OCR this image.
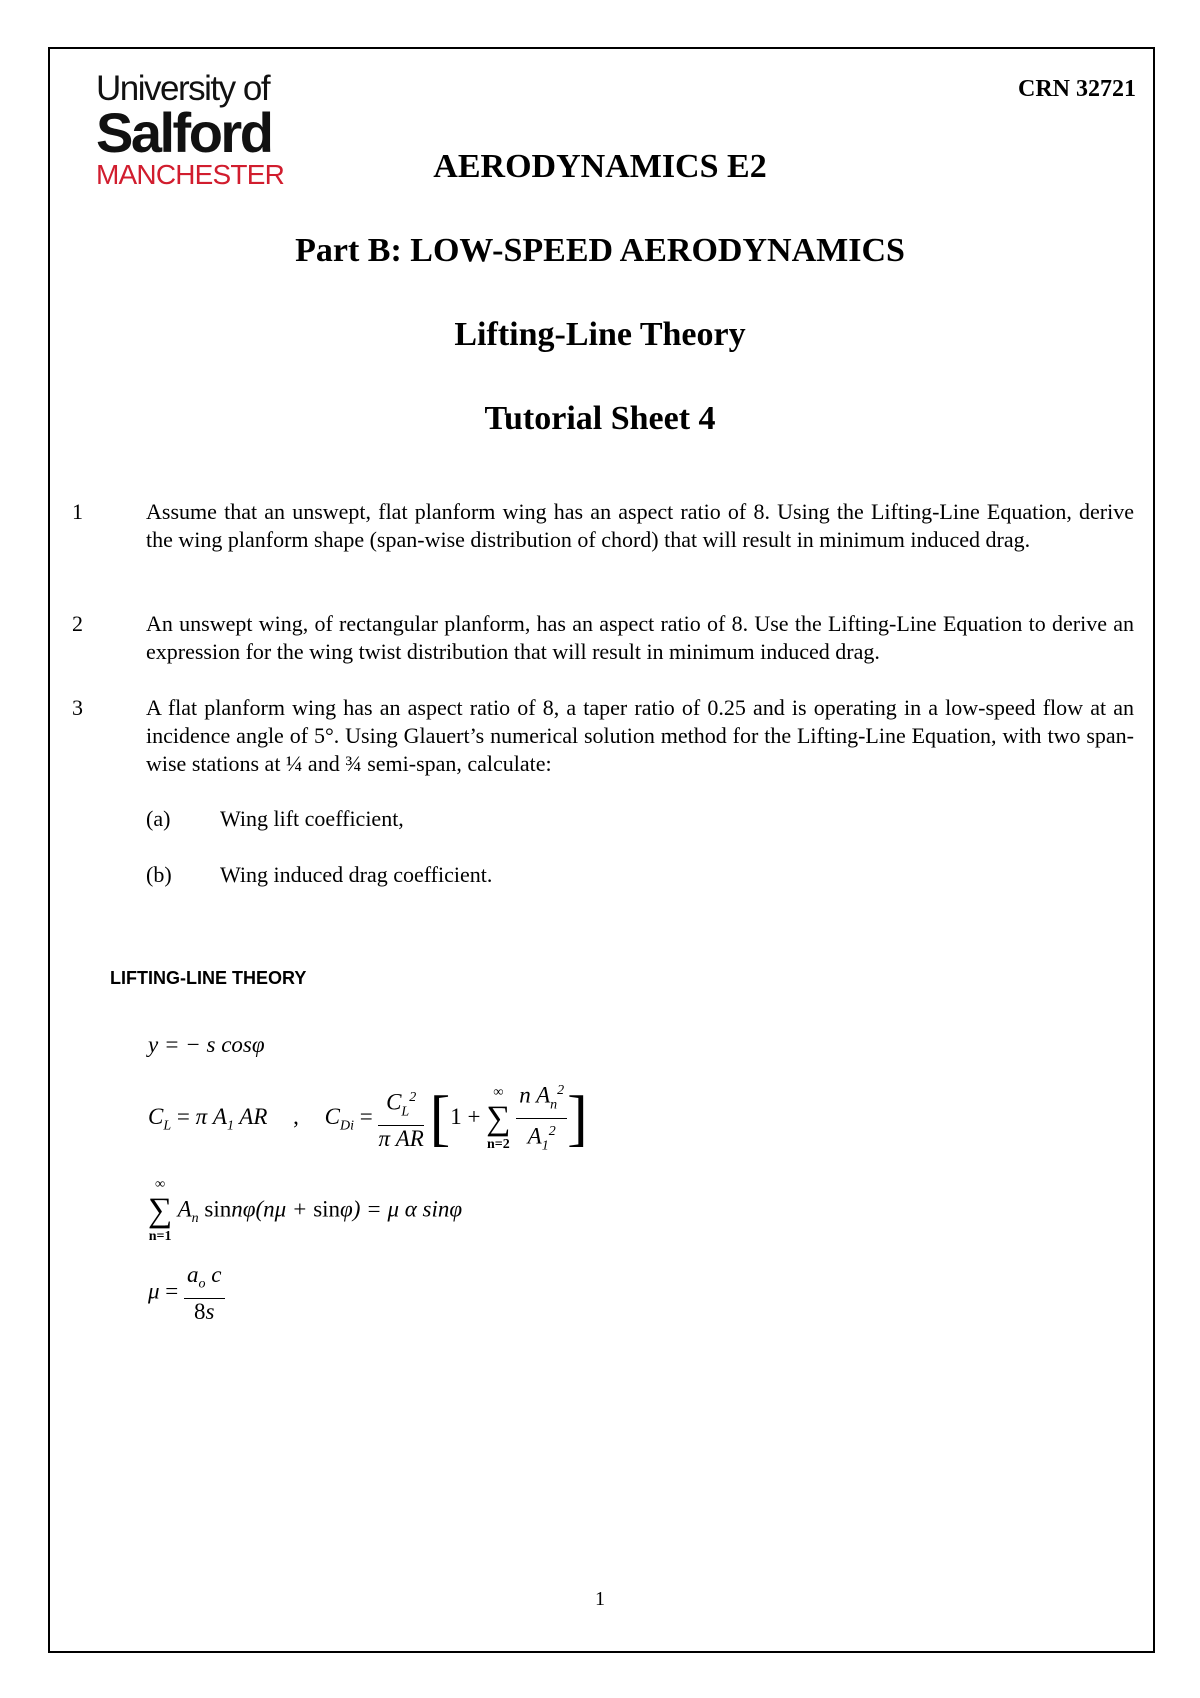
University of
Salford
MANCHESTER
CRN 32721
AERODYNAMICS E2
Part B: LOW-SPEED AERODYNAMICS
Lifting-Line Theory
Tutorial Sheet 4
1	Assume that an unswept, flat planform wing has an aspect ratio of 8. Using the Lifting-Line Equation, derive the wing planform shape (span-wise distribution of chord) that will result in minimum induced drag.
2	An unswept wing, of rectangular planform, has an aspect ratio of 8. Use the Lifting-Line Equation to derive an expression for the wing twist distribution that will result in minimum induced drag.
3	A flat planform wing has an aspect ratio of 8, a taper ratio of 0.25 and is operating in a low-speed flow at an incidence angle of 5°. Using Glauert’s numerical solution method for the Lifting-Line Equation, with two span-wise stations at ¼ and ¾ semi-span, calculate:
(a) Wing lift coefficient,
(b) Wing induced drag coefficient.
LIFTING-LINE THEORY
y = − s cosφ
$C_L = \pi$ $A_1$ AR , $C_{Di} = \frac{C_L^2}{\text{π AR}} [1$ +
∞
∑
n=2
$\frac{n A_n^2}{A_1^2}$ ]
∞
∑
n=1
$A_n$ sinnφ(nμ + sinφ) = μ α sinφ
$\mu = \frac{a_o c}{8s}$
1
